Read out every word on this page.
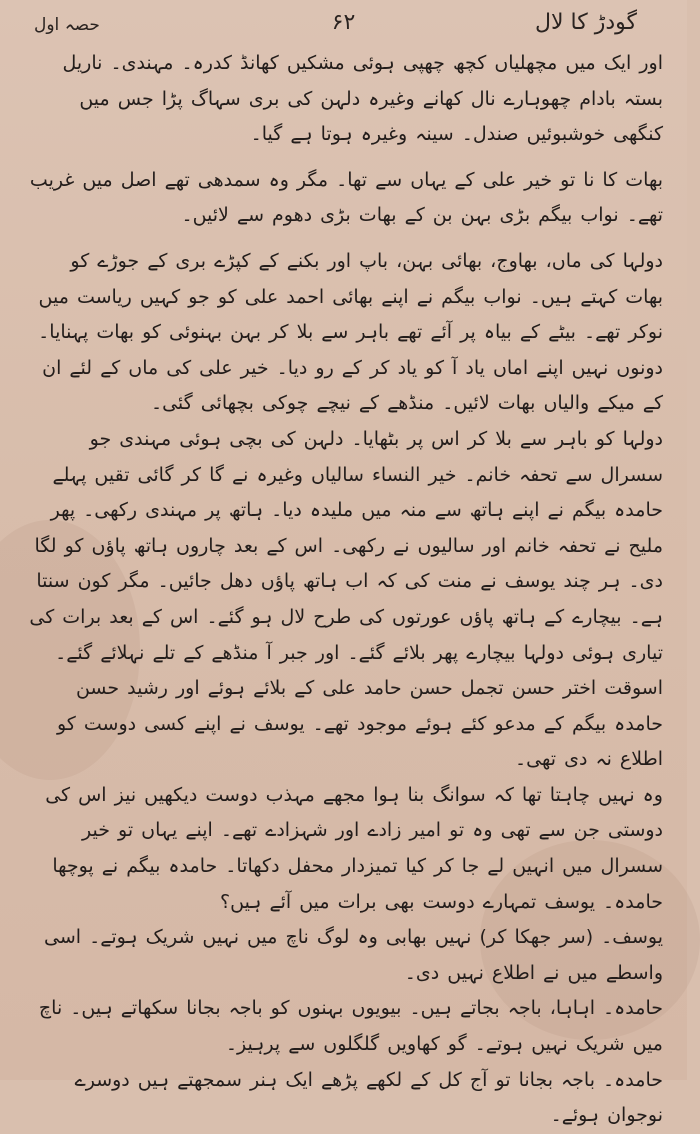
گودڑ کا لال
۶۲
حصہ اول

اور ایک میں مچھلیاں کچھ چھپی ہوئی مشکیں کھانڈ کدرہ۔ مہندی۔ ناریل بستہ بادام چھوہارے نال کھانے وغیرہ دلہن کی بری سہاگ پڑا جس میں کنگھی خوشبوئیں صندل۔ سینہ وغیرہ ہوتا ہے گیا۔

بھات کا نا تو خیر علی کے یہاں سے تھا۔ مگر وہ سمدھی تھے اصل میں غریب تھے۔ نواب بیگم بڑی بہن بن کے بھات بڑی دھوم سے لائیں۔

دولہا کی ماں، بھاوج، بھائی بہن، باپ اور بکنے کے کپڑے بری کے جوڑے کو بھات کہتے ہیں۔ نواب بیگم نے اپنے بھائی احمد علی کو جو کہیں ریاست میں نوکر تھے۔ بیٹے کے بیاہ پر آئے تھے باہر سے بلا کر بہن بہنوئی کو بھات پہنایا۔ دونوں نہیں اپنے اماں یاد آ کو یاد کر کے رو دیا۔ خیر علی کی ماں کے لئے ان کے میکے والیاں بھات لائیں۔ منڈھے کے نیچے چوکی بچھائی گئی۔

دولہا کو باہر سے بلا کر اس پر بٹھایا۔ دلہن کی بچی ہوئی مہندی جو سسرال سے تحفہ خانم۔ خیر النساء سالیاں وغیرہ نے گا کر گائی تقیں پہلے حامدہ بیگم نے اپنے ہاتھ سے منہ میں ملیدہ دیا۔ ہاتھ پر مہندی رکھی۔ پھر ملیح نے تحفہ خانم اور سالیوں نے رکھی۔ اس کے بعد چاروں ہاتھ پاؤں کو لگا دی۔ ہر چند یوسف نے منت کی کہ اب ہاتھ پاؤں دھل جائیں۔ مگر کون سنتا ہے۔ بیچارے کے ہاتھ پاؤں عورتوں کی طرح لال ہو گئے۔ اس کے بعد برات کی تیاری ہوئی دولہا بیچارے پھر بلائے گئے۔ اور جبر آ منڈھے کے تلے نہلائے گئے۔ اسوقت اختر حسن تجمل حسن حامد علی کے بلائے ہوئے اور رشید حسن حامدہ بیگم کے مدعو کئے ہوئے موجود تھے۔ یوسف نے اپنے کسی دوست کو اطلاع نہ دی تھی۔

وہ نہیں چاہتا تھا کہ سوانگ بنا ہوا مجھے مہذب دوست دیکھیں نیز اس کی دوستی جن سے تھی وہ تو امیر زادے اور شہزادے تھے۔ اپنے یہاں تو خیر سسرال میں انہیں لے جا کر کیا تمیزدار محفل دکھاتا۔ حامدہ بیگم نے پوچھا

حامدہ۔ یوسف تمہارے دوست بھی برات میں آئے ہیں؟

یوسف۔ (سر جھکا کر) نہیں بھابی وہ لوگ ناچ میں نہیں شریک ہوتے۔ اسی واسطے میں نے اطلاع نہیں دی۔

حامدہ۔ اہاہا، باجہ بجاتے ہیں۔ بیویوں بہنوں کو باجہ بجانا سکھاتے ہیں۔ ناچ میں شریک نہیں ہوتے۔ گو کھاویں گلگلوں سے پرہیز۔

حامدہ۔ باجہ بجانا تو آج کل کے لکھے پڑھے ایک ہنر سمجھتے ہیں دوسرے نوجوان ہوئے۔
